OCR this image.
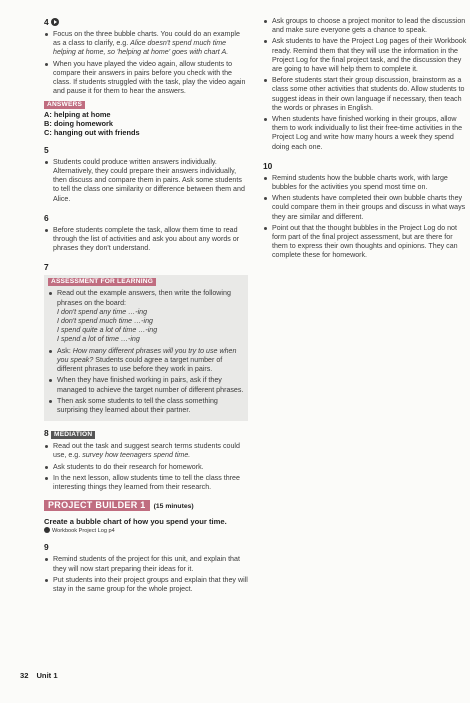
4
Focus on the three bubble charts. You could do an example as a class to clarify, e.g. Alice doesn't spend much time helping at home, so 'helping at home' goes with chart A.
When you have played the video again, allow students to compare their answers in pairs before you check with the class. If students struggled with the task, play the video again and pause it for them to hear the answers.
ANSWERS
A: helping at home
B: doing homework
C: hanging out with friends
5
Students could produce written answers individually. Alternatively, they could prepare their answers individually, then discuss and compare them in pairs. Ask some students to tell the class one similarity or difference between them and Alice.
6
Before students complete the task, allow them time to read through the list of activities and ask you about any words or phrases they don't understand.
7
ASSESSMENT FOR LEARNING
Read out the example answers, then write the following phrases on the board:
I don't spend any time …-ing
I don't spend much time …-ing
I spend quite a lot of time …-ing
I spend a lot of time …-ing
Ask: How many different phrases will you try to use when you speak? Students could agree a target number of different phrases to use before they work in pairs.
When they have finished working in pairs, ask if they managed to achieve the target number of different phrases.
Then ask some students to tell the class something surprising they learned about their partner.
8 MEDIATION
Read out the task and suggest search terms students could use, e.g. survey how teenagers spend time.
Ask students to do their research for homework.
In the next lesson, allow students time to tell the class three interesting things they learned from their research.
PROJECT BUILDER 1 (15 minutes)
Create a bubble chart of how you spend your time.
Workbook Project Log p4
9
Remind students of the project for this unit, and explain that they will now start preparing their ideas for it.
Put students into their project groups and explain that they will stay in the same group for the whole project.
Ask groups to choose a project monitor to lead the discussion and make sure everyone gets a chance to speak.
Ask students to have the Project Log pages of their Workbook ready. Remind them that they will use the information in the Project Log for the final project task, and the discussion they are going to have will help them to complete it.
Before students start their group discussion, brainstorm as a class some other activities that students do. Allow students to suggest ideas in their own language if necessary, then teach the words or phrases in English.
When students have finished working in their groups, allow them to work individually to list their free-time activities in the Project Log and write how many hours a week they spend doing each one.
10
Remind students how the bubble charts work, with large bubbles for the activities you spend most time on.
When students have completed their own bubble charts they could compare them in their groups and discuss in what ways they are similar and different.
Point out that the thought bubbles in the Project Log do not form part of the final project assessment, but are there for them to express their own thoughts and opinions. They can complete these for homework.
32 Unit 1
